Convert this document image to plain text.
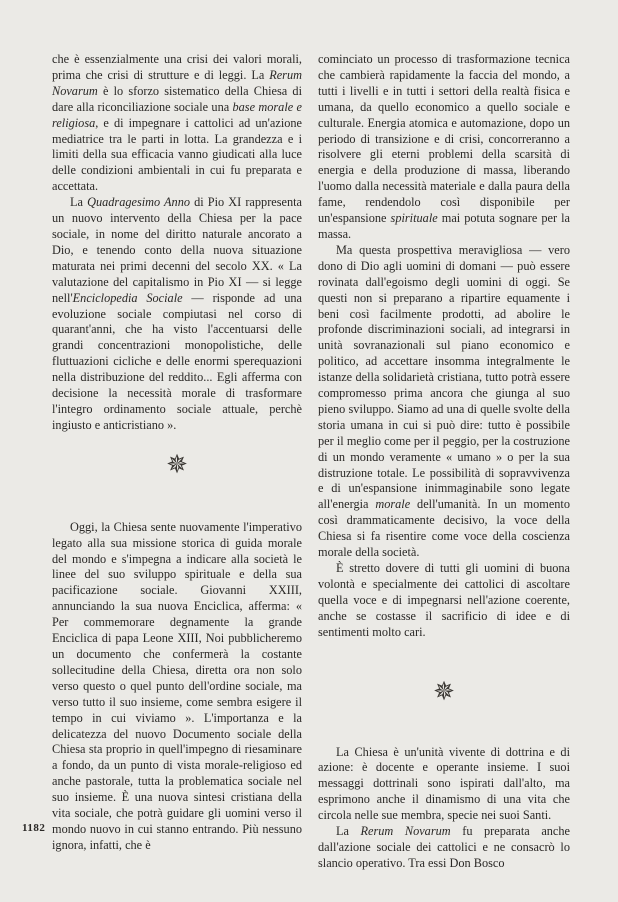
che è essenzialmente una crisi dei valori morali, prima che crisi di strutture e di leggi. La Rerum Novarum è lo sforzo sistematico della Chiesa di dare alla riconciliazione sociale una base morale e religiosa, e di impegnare i cattolici ad un'azione mediatrice tra le parti in lotta. La grandezza e i limiti della sua efficacia vanno giudicati alla luce delle condizioni ambientali in cui fu preparata e accettata.

La Quadragesimo Anno di Pio XI rappresenta un nuovo intervento della Chiesa per la pace sociale, in nome del diritto naturale ancorato a Dio, e tenendo conto della nuova situazione maturata nei primi decenni del secolo XX. « La valutazione del capitalismo in Pio XI — si legge nell'Enciclopedia Sociale — risponde ad una evoluzione sociale compiutasi nel corso di quarant'anni, che ha visto l'accentuarsi delle grandi concentrazioni monopolistiche, delle fluttuazioni cicliche e delle enormi sperequazioni nella distribuzione del reddito... Egli afferma con decisione la necessità morale di trasformare l'integro ordinamento sociale attuale, perchè ingiusto e anticristiano ».

✵

Oggi, la Chiesa sente nuovamente l'imperativo legato alla sua missione storica di guida morale del mondo e s'impegna a indicare alla società le linee del suo sviluppo spirituale e della sua pacificazione sociale. Giovanni XXIII, annunciando la sua nuova Enciclica, afferma: « Per commemorare degnamente la grande Enciclica di papa Leone XIII, Noi pubblicheremo un documento che confermerà la costante sollecitudine della Chiesa, diretta ora non solo verso questo o quel punto dell'ordine sociale, ma verso tutto il suo insieme, come sembra esigere il tempo in cui viviamo ». L'importanza e la delicatezza del nuovo Documento sociale della Chiesa sta proprio in quell'impegno di riesaminare a fondo, da un punto di vista morale-religioso ed anche pastorale, tutta la problematica sociale nel suo insieme. È una nuova sintesi cristiana della vita sociale, che potrà guidare gli uomini verso il mondo nuovo in cui stanno entrando. Più nessuno ignora, infatti, che è

cominciato un processo di trasformazione tecnica che cambierà rapidamente la faccia del mondo, a tutti i livelli e in tutti i settori della realtà fisica e umana, da quello economico a quello sociale e culturale. Energia atomica e automazione, dopo un periodo di transizione e di crisi, concorreranno a risolvere gli eterni problemi della scarsità di energia e della produzione di massa, liberando l'uomo dalla necessità materiale e dalla paura della fame, rendendolo così disponibile per un'espansione spirituale mai potuta sognare per la massa.

Ma questa prospettiva meravigliosa — vero dono di Dio agli uomini di domani — può essere rovinata dall'egoismo degli uomini di oggi. Se questi non si preparano a ripartire equamente i beni così facilmente prodotti, ad abolire le profonde discriminazioni sociali, ad integrarsi in unità sovranazionali sul piano economico e politico, ad accettare insomma integralmente le istanze della solidarietà cristiana, tutto potrà essere compromesso prima ancora che giunga al suo pieno sviluppo. Siamo ad una di quelle svolte della storia umana in cui si può dire: tutto è possibile per il meglio come per il peggio, per la costruzione di un mondo veramente « umano » o per la sua distruzione totale. Le possibilità di sopravvivenza e di un'espansione inimmaginabile sono legate all'energia morale dell'umanità. In un momento così drammaticamente decisivo, la voce della Chiesa si fa risentire come voce della coscienza morale della società.

È stretto dovere di tutti gli uomini di buona volontà e specialmente dei cattolici di ascoltare quella voce e di impegnarsi nell'azione coerente, anche se costasse il sacrificio di idee e di sentimenti molto cari.

✵

La Chiesa è un'unità vivente di dottrina e di azione: è docente e operante insieme. I suoi messaggi dottrinali sono ispirati dall'alto, ma esprimono anche il dinamismo di una vita che circola nelle sue membra, specie nei suoi Santi.

La Rerum Novarum fu preparata anche dall'azione sociale dei cattolici e ne consacrò lo slancio operativo. Tra essi Don Bosco

1182
